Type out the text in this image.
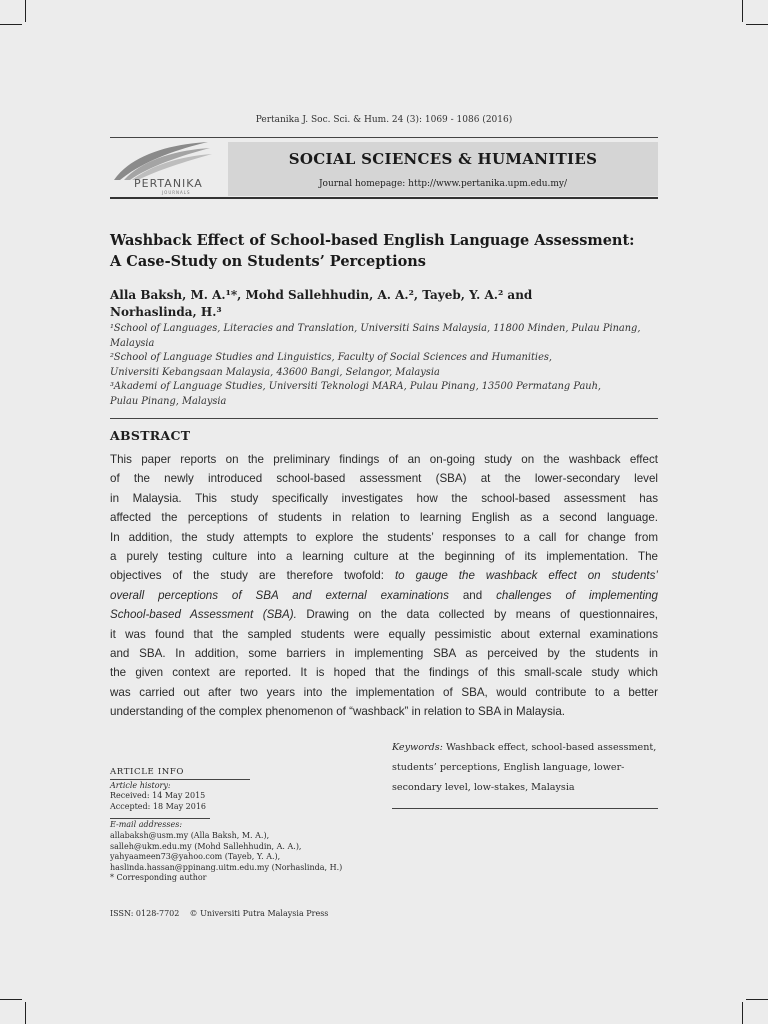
Pertanika J. Soc. Sci. & Hum. 24 (3): 1069 - 1086 (2016)
PERTANIKA
JOURNALS
SOCIAL SCIENCES & HUMANITIES
Journal homepage: http://www.pertanika.upm.edu.my/
Washback Effect of School-based English Language Assessment:
A Case-Study on Students’ Perceptions
Alla Baksh, M. A.¹*, Mohd Sallehhudin, A. A.², Tayeb, Y. A.² and
Norhaslinda, H.³
¹School of Languages, Literacies and Translation, Universiti Sains Malaysia, 11800 Minden, Pulau Pinang,
Malaysia
²School of Language Studies and Linguistics, Faculty of Social Sciences and Humanities,
Universiti Kebangsaan Malaysia, 43600 Bangi, Selangor, Malaysia
³Akademi of Language Studies, Universiti Teknologi MARA, Pulau Pinang, 13500 Permatang Pauh,
Pulau Pinang, Malaysia
ABSTRACT
This paper reports on the preliminary findings of an on-going study on the washback effect
of the newly introduced school-based assessment (SBA) at the lower-secondary level
in Malaysia. This study specifically investigates how the school-based assessment has
affected the perceptions of students in relation to learning English as a second language.
In addition, the study attempts to explore the students’ responses to a call for change from
a purely testing culture into a learning culture at the beginning of its implementation. The
objectives of the study are therefore twofold: to gauge the washback effect on students’
overall perceptions of SBA and external examinations and challenges of implementing
School-based Assessment (SBA). Drawing on the data collected by means of questionnaires,
it was found that the sampled students were equally pessimistic about external examinations
and SBA. In addition, some barriers in implementing SBA as perceived by the students in
the given context are reported. It is hoped that the findings of this small-scale study which
was carried out after two years into the implementation of SBA, would contribute to a better
understanding of the complex phenomenon of “washback” in relation to SBA in Malaysia.
Keywords: Washback effect, school-based assessment,
students’ perceptions, English language, lower-
secondary level, low-stakes, Malaysia
ARTICLE INFO
Article history:
Received: 14 May 2015
Accepted: 18 May 2016
E-mail addresses:
allabaksh@usm.my (Alla Baksh, M. A.),
salleh@ukm.edu.my (Mohd Sallehhudin, A. A.),
yahyaameen73@yahoo.com (Tayeb, Y. A.),
haslinda.hassan@ppinang.uitm.edu.my (Norhaslinda, H.)
* Corresponding author
ISSN: 0128-7702 © Universiti Putra Malaysia Press
